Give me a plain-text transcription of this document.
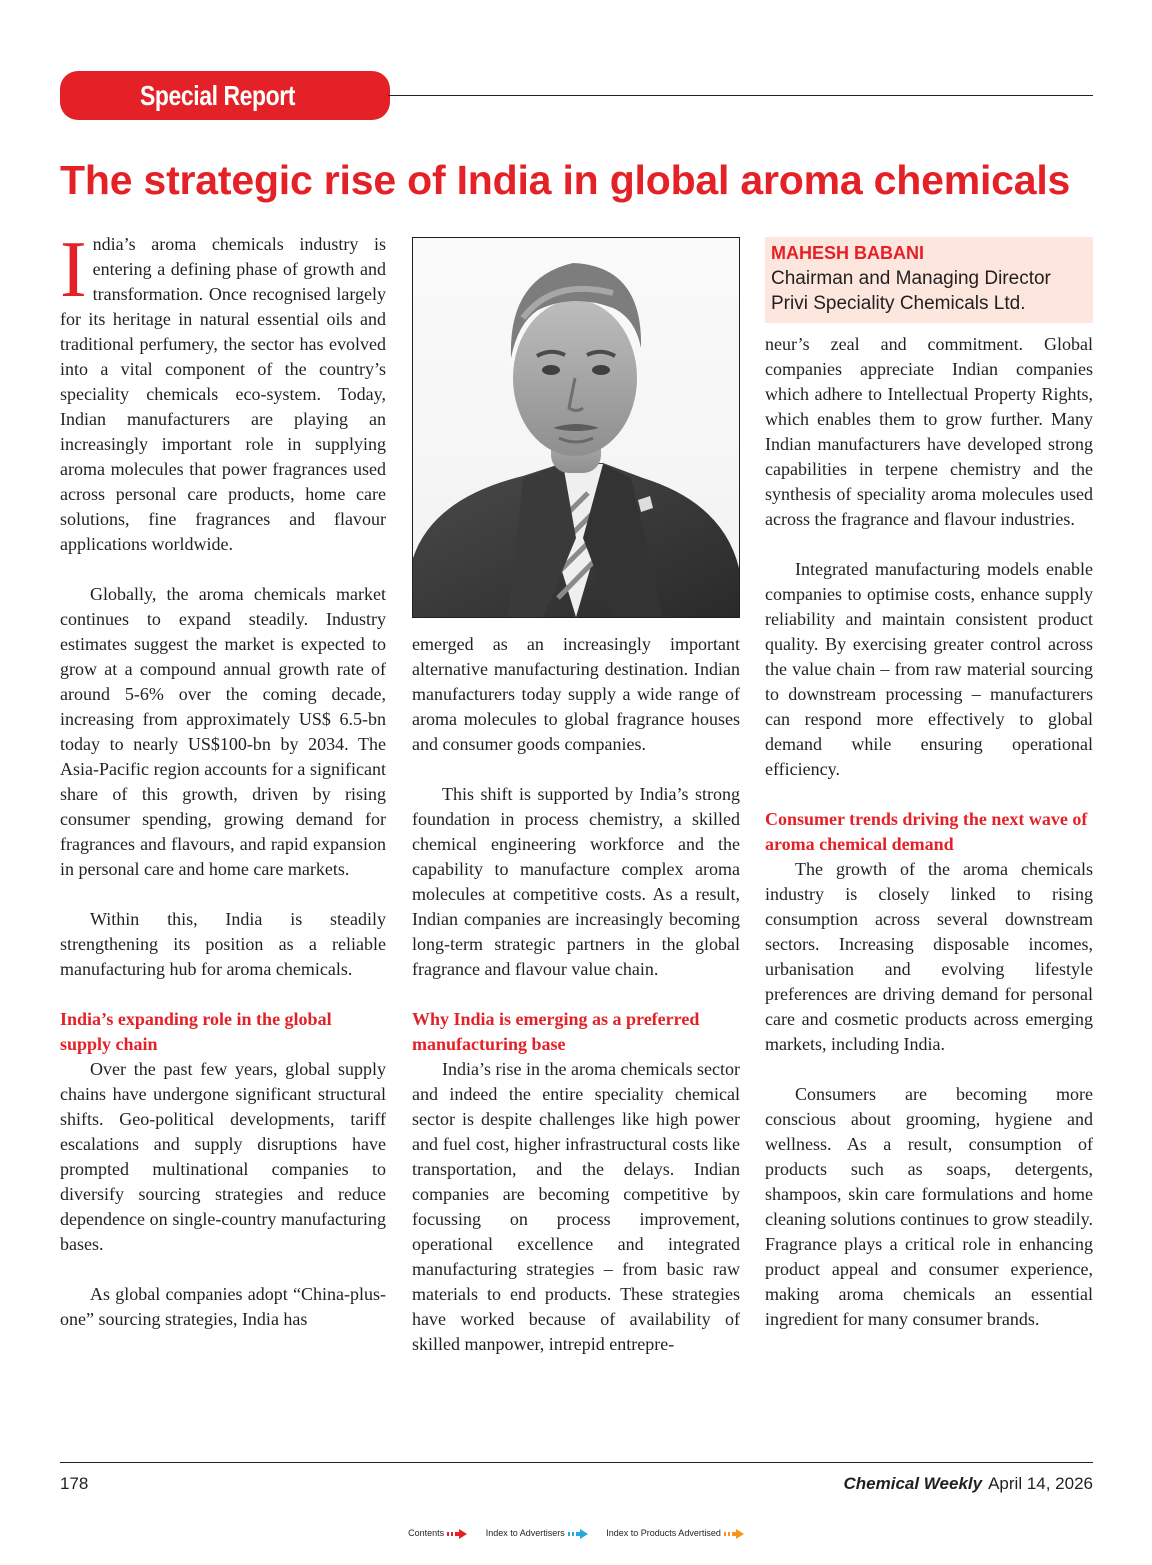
Special Report
The strategic rise of India in global aroma chemicals

India’s aroma chemicals industry is entering a defining phase of growth and transformation. Once recognised largely for its heritage in natural essential oils and traditional perfumery, the sector has evolved into a vital component of the country’s speciality chemicals eco-system. Today, Indian manufacturers are playing an increasingly important role in supplying aroma molecules that power fragrances used across personal care products, home care solutions, fine fragrances and flavour applications worldwide.

Globally, the aroma chemicals market continues to expand steadily. Industry estimates suggest the market is expected to grow at a compound annual growth rate of around 5-6% over the coming decade, increasing from approximately US$ 6.5-bn today to nearly US$100-bn by 2034. The Asia-Pacific region accounts for a significant share of this growth, driven by rising consumer spending, growing demand for fragrances and flavours, and rapid expansion in personal care and home care markets.

Within this, India is steadily strengthening its position as a reliable manufacturing hub for aroma chemicals.

India’s expanding role in the global supply chain

Over the past few years, global supply chains have undergone significant structural shifts. Geo-political developments, tariff escalations and supply disruptions have prompted multinational companies to diversify sourcing strategies and reduce dependence on single-country manufacturing bases.

As global companies adopt “China-plus-one” sourcing strategies, India has

emerged as an increasingly important alternative manufacturing destination. Indian manufacturers today supply a wide range of aroma molecules to global fragrance houses and consumer goods companies.

This shift is supported by India’s strong foundation in process chemistry, a skilled chemical engineering workforce and the capability to manufacture complex aroma molecules at competitive costs. As a result, Indian companies are increasingly becoming long-term strategic partners in the global fragrance and flavour value chain.

Why India is emerging as a preferred manufacturing base

India’s rise in the aroma chemicals sector and indeed the entire speciality chemical sector is despite challenges like high power and fuel cost, higher infrastructural costs like transportation, and the delays. Indian companies are becoming competitive by focussing on process improvement, operational excellence and integrated manufacturing strategies – from basic raw materials to end products. These strategies have worked because of availability of skilled manpower, intrepid entrepre-

MAHESH BABANI
Chairman and Managing Director
Privi Speciality Chemicals Ltd.

neur’s zeal and commitment. Global companies appreciate Indian companies which adhere to Intellectual Property Rights, which enables them to grow further. Many Indian manufacturers have developed strong capabilities in terpene chemistry and the synthesis of speciality aroma molecules used across the fragrance and flavour industries.

Integrated manufacturing models enable companies to optimise costs, enhance supply reliability and maintain consistent product quality. By exercising greater control across the value chain – from raw material sourcing to downstream processing – manufacturers can respond more effectively to global demand while ensuring operational efficiency.

Consumer trends driving the next wave of aroma chemical demand

The growth of the aroma chemicals industry is closely linked to rising consumption across several downstream sectors. Increasing disposable incomes, urbanisation and evolving lifestyle preferences are driving demand for personal care and cosmetic products across emerging markets, including India.

Consumers are becoming more conscious about grooming, hygiene and wellness. As a result, consumption of products such as soaps, detergents, shampoos, skin care formulations and home cleaning solutions continues to grow steadily. Fragrance plays a critical role in enhancing product appeal and consumer experience, making aroma chemicals an essential ingredient for many consumer brands.

178	Chemical Weekly April 14, 2026
Contents	Index to Advertisers	Index to Products Advertised
